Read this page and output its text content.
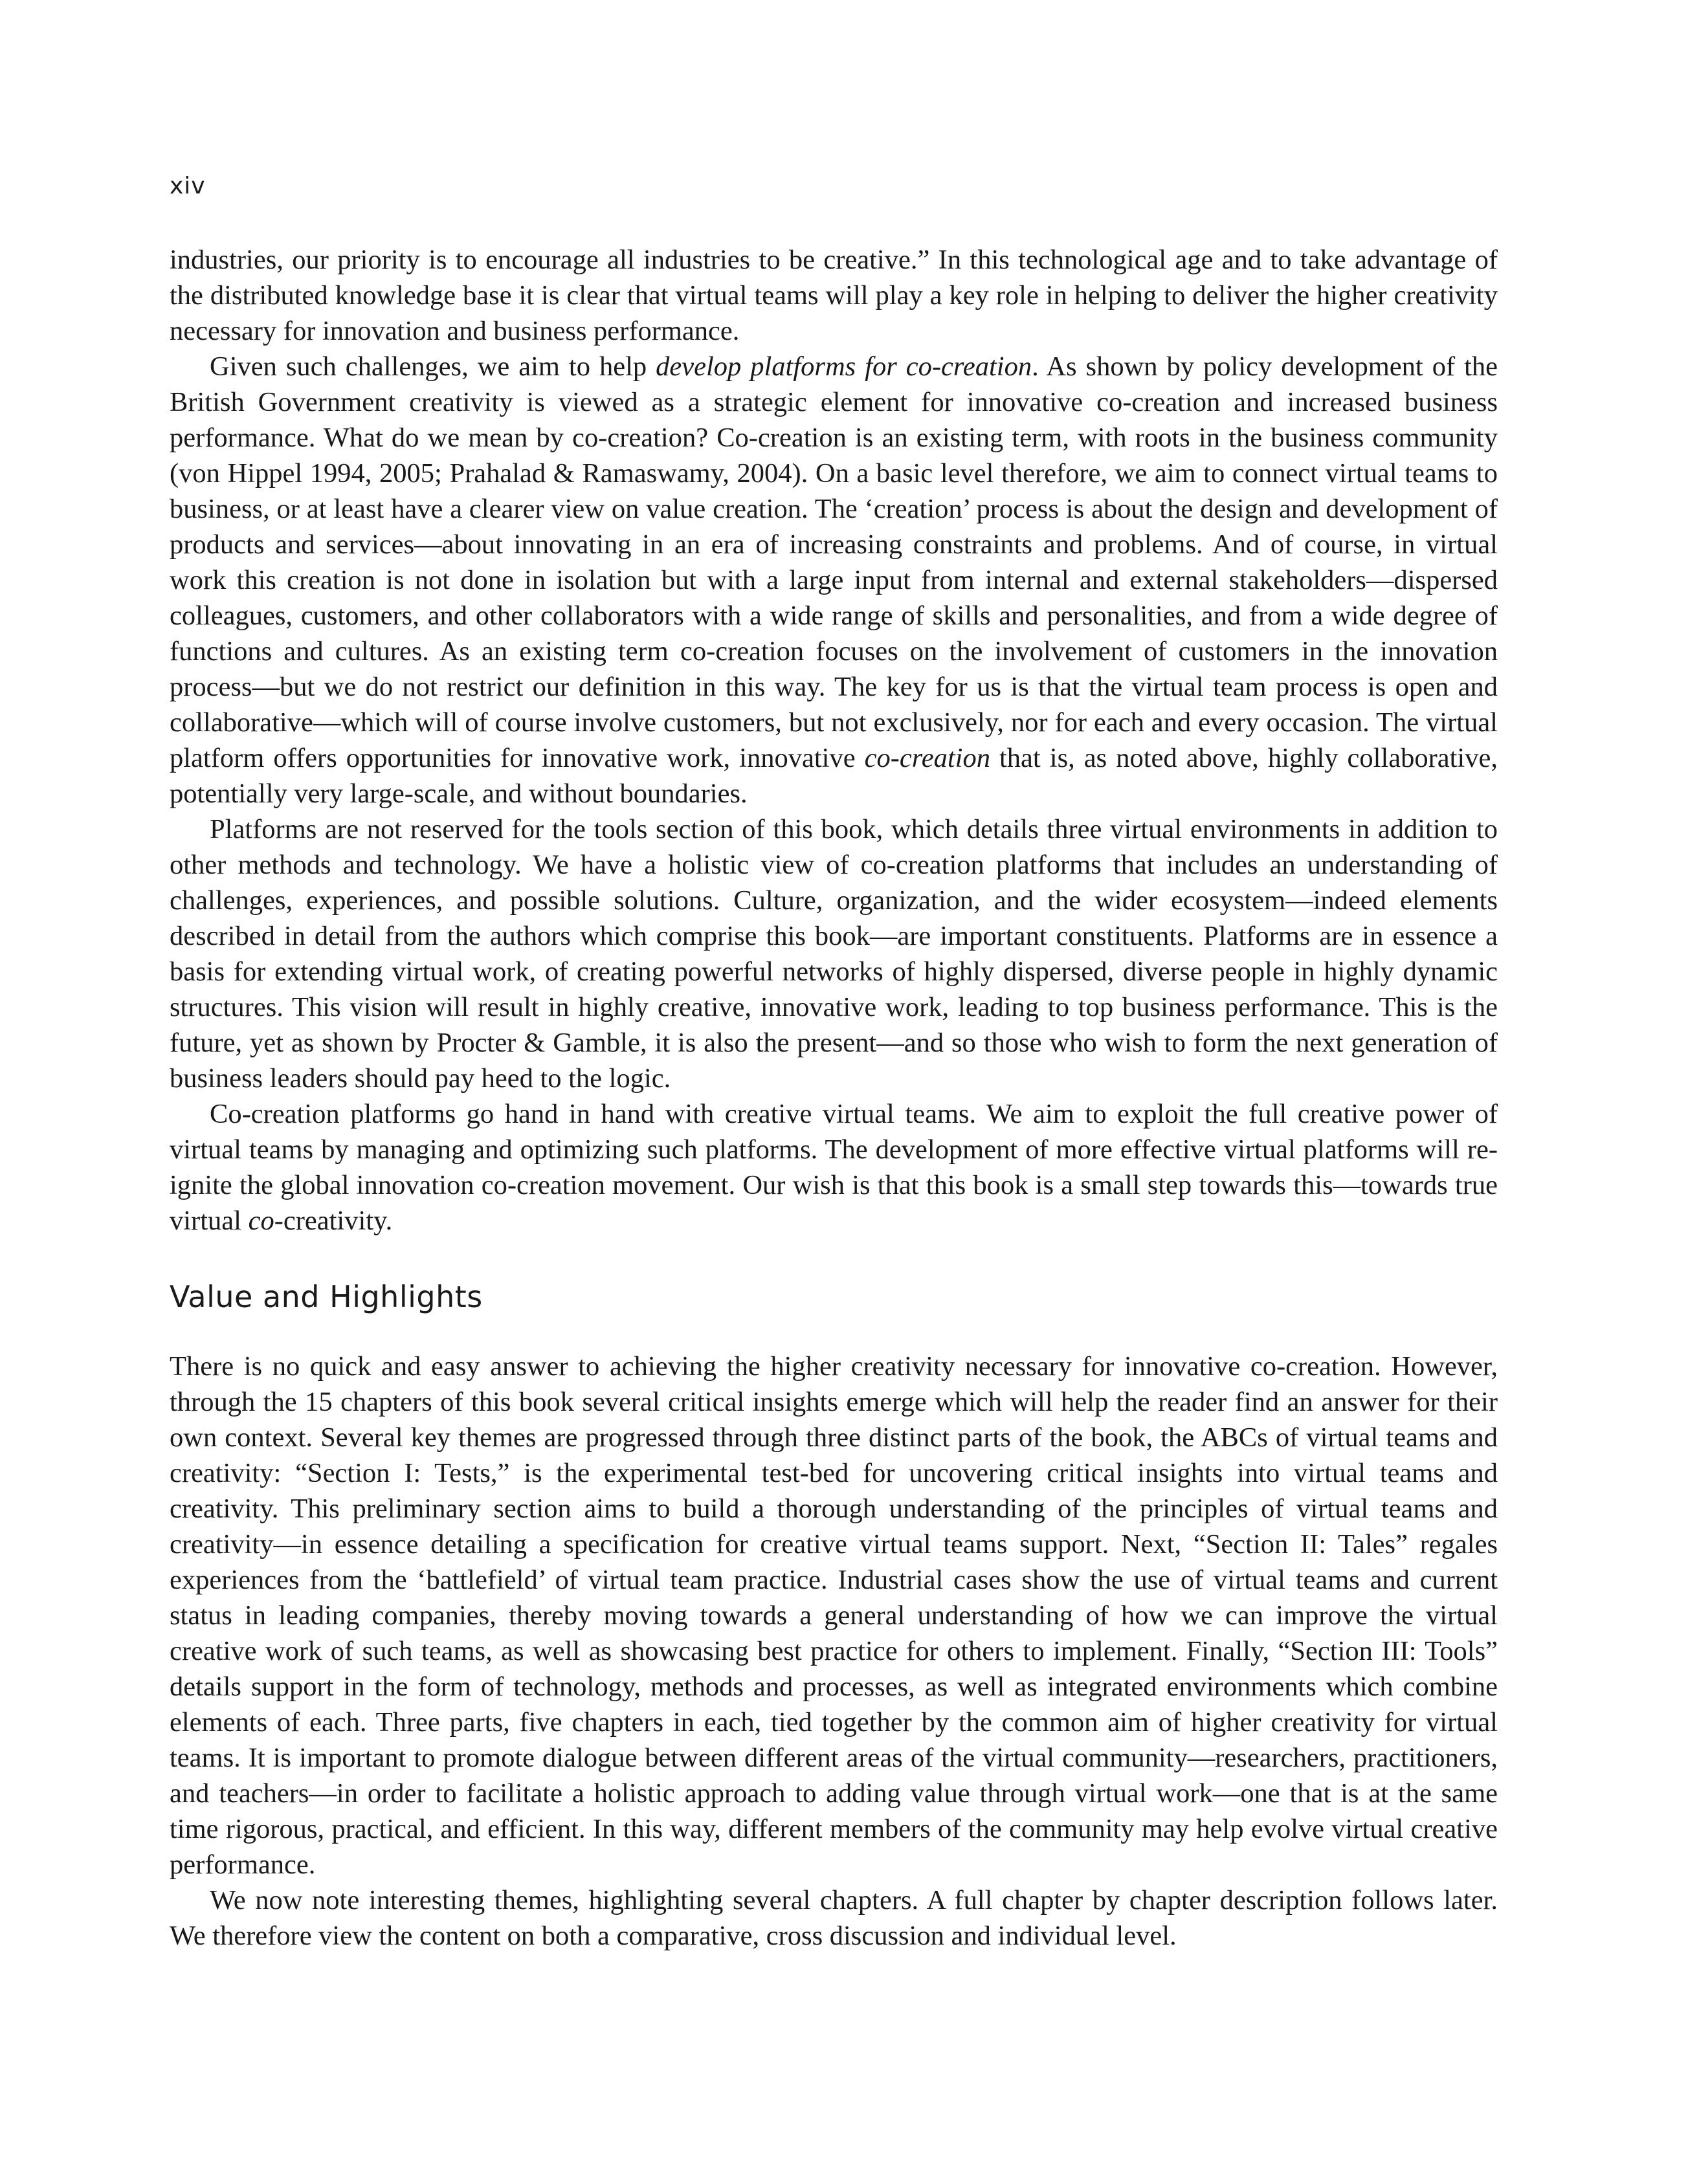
xiv

industries, our priority is to encourage all industries to be creative.” In this technological age and to take advantage of the distributed knowledge base it is clear that virtual teams will play a key role in helping to deliver the higher creativity necessary for innovation and business performance.

Given such challenges, we aim to help develop platforms for co-creation. As shown by policy development of the British Government creativity is viewed as a strategic element for innovative co-creation and increased business performance. What do we mean by co-creation? Co-creation is an existing term, with roots in the business community (von Hippel 1994, 2005; Prahalad & Ramaswamy, 2004). On a basic level therefore, we aim to connect virtual teams to business, or at least have a clearer view on value creation. The ‘creation’ process is about the design and development of products and services—about innovating in an era of increasing constraints and problems. And of course, in virtual work this creation is not done in isolation but with a large input from internal and external stakeholders—dispersed colleagues, customers, and other collaborators with a wide range of skills and personalities, and from a wide degree of functions and cultures. As an existing term co-creation focuses on the involvement of customers in the innovation process—but we do not restrict our definition in this way. The key for us is that the virtual team process is open and collaborative—which will of course involve customers, but not exclusively, nor for each and every occasion. The virtual platform offers opportunities for innovative work, innovative co-creation that is, as noted above, highly collaborative, potentially very large-scale, and without boundaries.

Platforms are not reserved for the tools section of this book, which details three virtual environments in addition to other methods and technology. We have a holistic view of co-creation platforms that includes an understanding of challenges, experiences, and possible solutions. Culture, organization, and the wider ecosystem—indeed elements described in detail from the authors which comprise this book—are important constituents. Platforms are in essence a basis for extending virtual work, of creating powerful networks of highly dispersed, diverse people in highly dynamic structures. This vision will result in highly creative, innovative work, leading to top business performance. This is the future, yet as shown by Procter & Gamble, it is also the present—and so those who wish to form the next generation of business leaders should pay heed to the logic.

Co-creation platforms go hand in hand with creative virtual teams. We aim to exploit the full creative power of virtual teams by managing and optimizing such platforms. The development of more effective virtual platforms will re-ignite the global innovation co-creation movement. Our wish is that this book is a small step towards this—towards true virtual co-creativity.

Value and Highlights

There is no quick and easy answer to achieving the higher creativity necessary for innovative co-creation. However, through the 15 chapters of this book several critical insights emerge which will help the reader find an answer for their own context. Several key themes are progressed through three distinct parts of the book, the ABCs of virtual teams and creativity: “Section I: Tests,” is the experimental test-bed for uncovering critical insights into virtual teams and creativity. This preliminary section aims to build a thorough understanding of the principles of virtual teams and creativity—in essence detailing a specification for creative virtual teams support. Next, “Section II: Tales” regales experiences from the ‘battlefield’ of virtual team practice. Industrial cases show the use of virtual teams and current status in leading companies, thereby moving towards a general understanding of how we can improve the virtual creative work of such teams, as well as showcasing best practice for others to implement. Finally, “Section III: Tools” details support in the form of technology, methods and processes, as well as integrated environments which combine elements of each. Three parts, five chapters in each, tied together by the common aim of higher creativity for virtual teams. It is important to promote dialogue between different areas of the virtual community—researchers, practitioners, and teachers—in order to facilitate a holistic approach to adding value through virtual work—one that is at the same time rigorous, practical, and efficient. In this way, different members of the community may help evolve virtual creative performance.

We now note interesting themes, highlighting several chapters. A full chapter by chapter description follows later. We therefore view the content on both a comparative, cross discussion and individual level.
